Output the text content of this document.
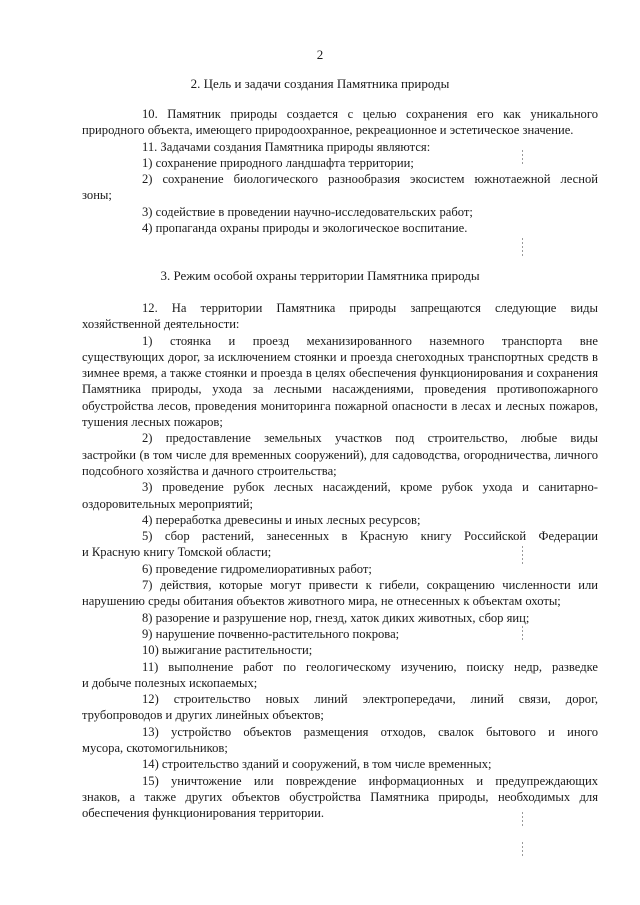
2
2. Цель и задачи создания Памятника природы

10. Памятник природы создается с целью сохранения его как уникального
природного объекта, имеющего природоохранное, рекреационное и эстетическое значение.

11. Задачами создания Памятника природы являются:

1) сохранение природного ландшафта территории;

2) сохранение биологического разнообразия экосистем южнотаежной лесной
зоны;

3) содействие в проведении научно-исследовательских работ;

4) пропаганда охраны природы и экологическое воспитание.

3. Режим особой охраны территории Памятника природы

12. На территории Памятника природы запрещаются следующие виды
хозяйственной деятельности:

1) стоянка и проезд механизированного наземного транспорта вне
существующих дорог, за исключением стоянки и проезда снегоходных транспортных средств в зимнее время, а также стоянки и проезда в целях обеспечения функционирования и сохранения Памятника природы, ухода за лесными насаждениями, проведения противопожарного обустройства лесов, проведения мониторинга пожарной опасности в лесах и лесных пожаров, тушения лесных пожаров;

2) предоставление земельных участков под строительство, любые виды
застройки (в том числе для временных сооружений), для садоводства, огородничества, личного подсобного хозяйства и дачного строительства;

3) проведение рубок лесных насаждений, кроме рубок ухода и санитарно-
оздоровительных мероприятий;

4) переработка древесины и иных лесных ресурсов;

5) сбор растений, занесенных в Красную книгу Российской Федерации
и Красную книгу Томской области;

6) проведение гидромелиоративных работ;

7) действия, которые могут привести к гибели, сокращению численности или
нарушению среды обитания объектов животного мира, не отнесенных к объектам охоты;

8) разорение и разрушение нор, гнезд, хаток диких животных, сбор яиц;

9) нарушение почвенно-растительного покрова;

10) выжигание растительности;

11) выполнение работ по геологическому изучению, поиску недр, разведке
и добыче полезных ископаемых;

12) строительство новых линий электропередачи, линий связи, дорог,
трубопроводов и других линейных объектов;

13) устройство объектов размещения отходов, свалок бытового и иного
мусора, скотомогильников;

14) строительство зданий и сооружений, в том числе временных;

15) уничтожение или повреждение информационных и предупреждающих
знаков, а также других объектов обустройства Памятника природы, необходимых для обеспечения функционирования территории.
